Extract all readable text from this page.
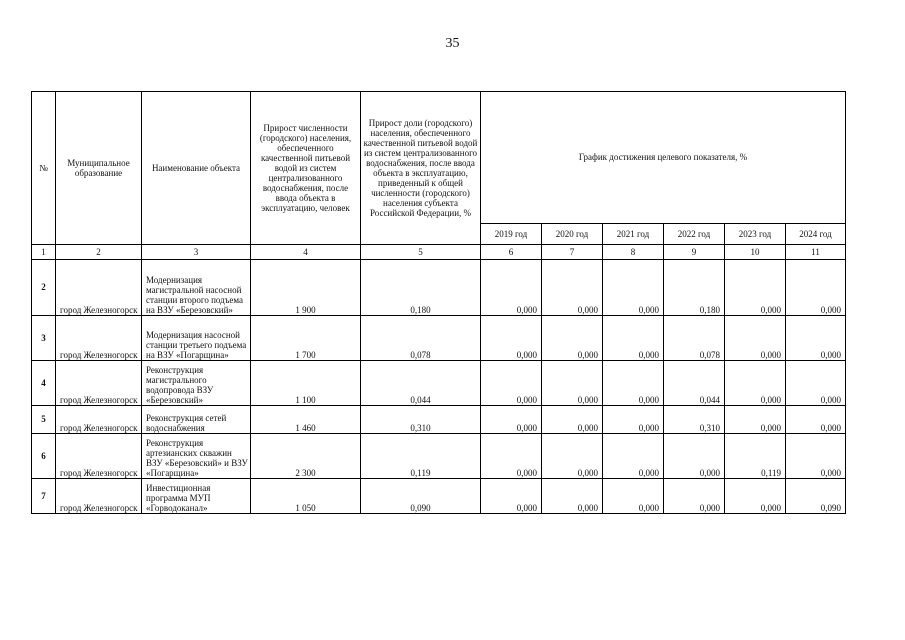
35
№	Муниципальное образование	Наименование объекта	Прирост численности (городского) населения, обеспеченного качественной питьевой водой из систем централизованного водоснабжения, после ввода объекта в эксплуатацию, человек	Прирост доли (городского) населения, обеспеченного качественной питьевой водой из систем централизованного водоснабжения, после ввода объекта в эксплуатацию, приведенный к общей численности (городского) населения субъекта Российской Федерации, %	График достижения целевого показателя, %					
					2019 год	2020 год	2021 год	2022 год	2023 год	2024 год
1	2	3	4	5	6	7	8	9	10	11
2	город Железногорск	Модернизация магистральной насосной станции второго подъема на ВЗУ «Березовский»	1 900	0,180	0,000	0,000	0,000	0,180	0,000	0,000
3	город Железногорск	Модернизация насосной станции третьего подъема на ВЗУ «Погарщина»	1 700	0,078	0,000	0,000	0,000	0,078	0,000	0,000
4	город Железногорск	Реконструкция магистрального водопровода ВЗУ «Березовский»	1 100	0,044	0,000	0,000	0,000	0,044	0,000	0,000
5	город Железногорск	Реконструкция сетей водоснабжения	1 460	0,310	0,000	0,000	0,000	0,310	0,000	0,000
6	город Железногорск	Реконструкция артезианских скважин ВЗУ «Березовский» и ВЗУ «Погарщина»	2 300	0,119	0,000	0,000	0,000	0,000	0,119	0,000
7	город Железногорск	Инвестиционная программа МУП «Горводоканал»	1 050	0,090	0,000	0,000	0,000	0,000	0,000	0,090
